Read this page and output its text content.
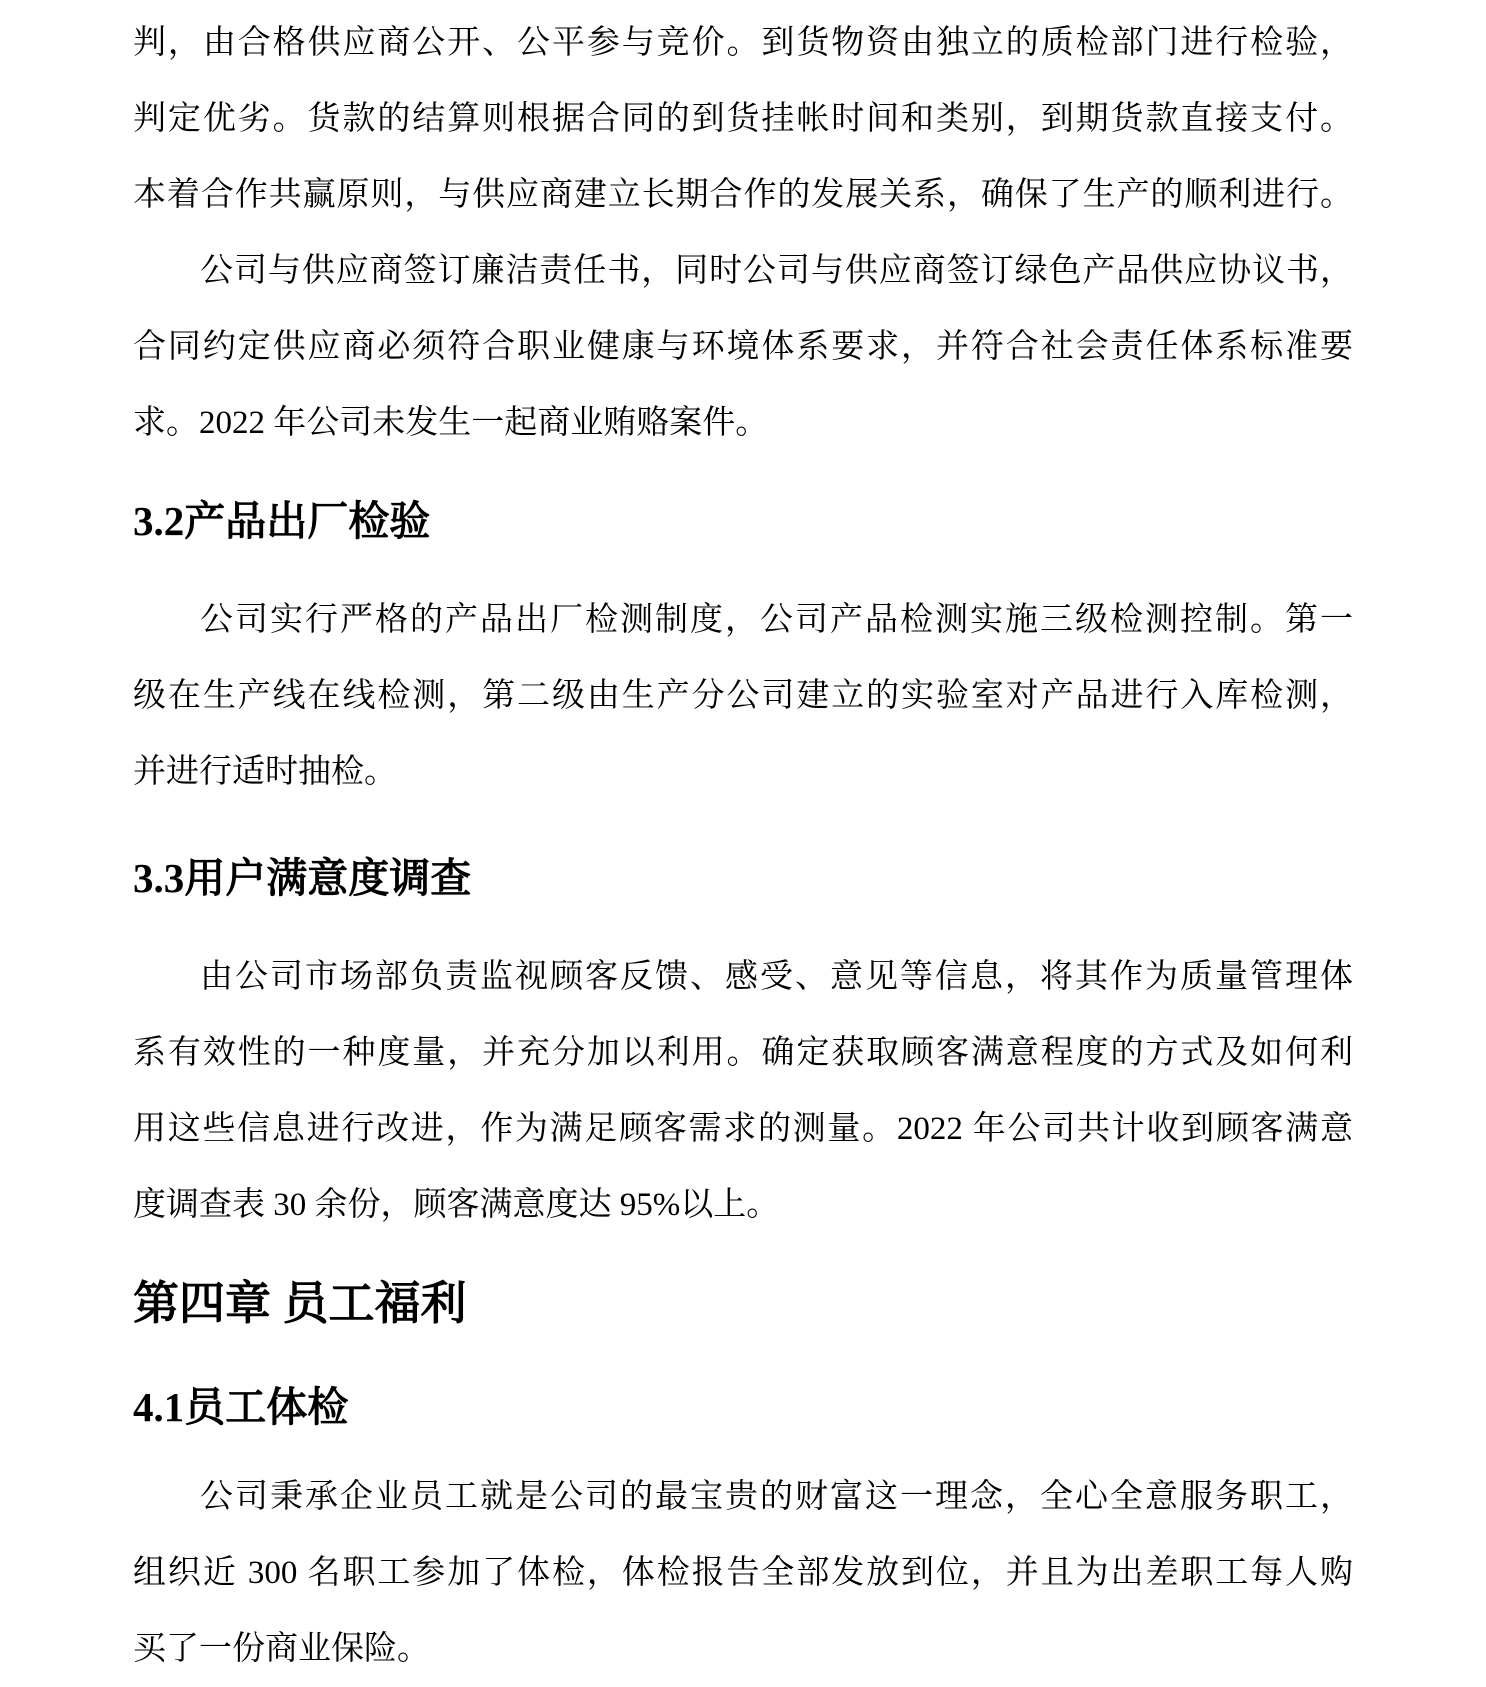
判，由合格供应商公开、公平参与竞价。到货物资由独立的质检部门进行检验，

判定优劣。货款的结算则根据合同的到货挂帐时间和类别，到期货款直接支付。

本着合作共赢原则，与供应商建立长期合作的发展关系，确保了生产的顺利进行。

公司与供应商签订廉洁责任书，同时公司与供应商签订绿色产品供应协议书，

合同约定供应商必须符合职业健康与环境体系要求，并符合社会责任体系标准要

求。2022 年公司未发生一起商业贿赂案件。

3.2产品出厂检验

公司实行严格的产品出厂检测制度，公司产品检测实施三级检测控制。第一

级在生产线在线检测，第二级由生产分公司建立的实验室对产品进行入库检测，

并进行适时抽检。

3.3用户满意度调查

由公司市场部负责监视顾客反馈、感受、意见等信息，将其作为质量管理体

系有效性的一种度量，并充分加以利用。确定获取顾客满意程度的方式及如何利

用这些信息进行改进，作为满足顾客需求的测量。2022 年公司共计收到顾客满意

度调查表 30 余份，顾客满意度达 95%以上。

第四章 员工福利
4.1员工体检

公司秉承企业员工就是公司的最宝贵的财富这一理念，全心全意服务职工，

组织近 300 名职工参加了体检，体检报告全部发放到位，并且为出差职工每人购

买了一份商业保险。
